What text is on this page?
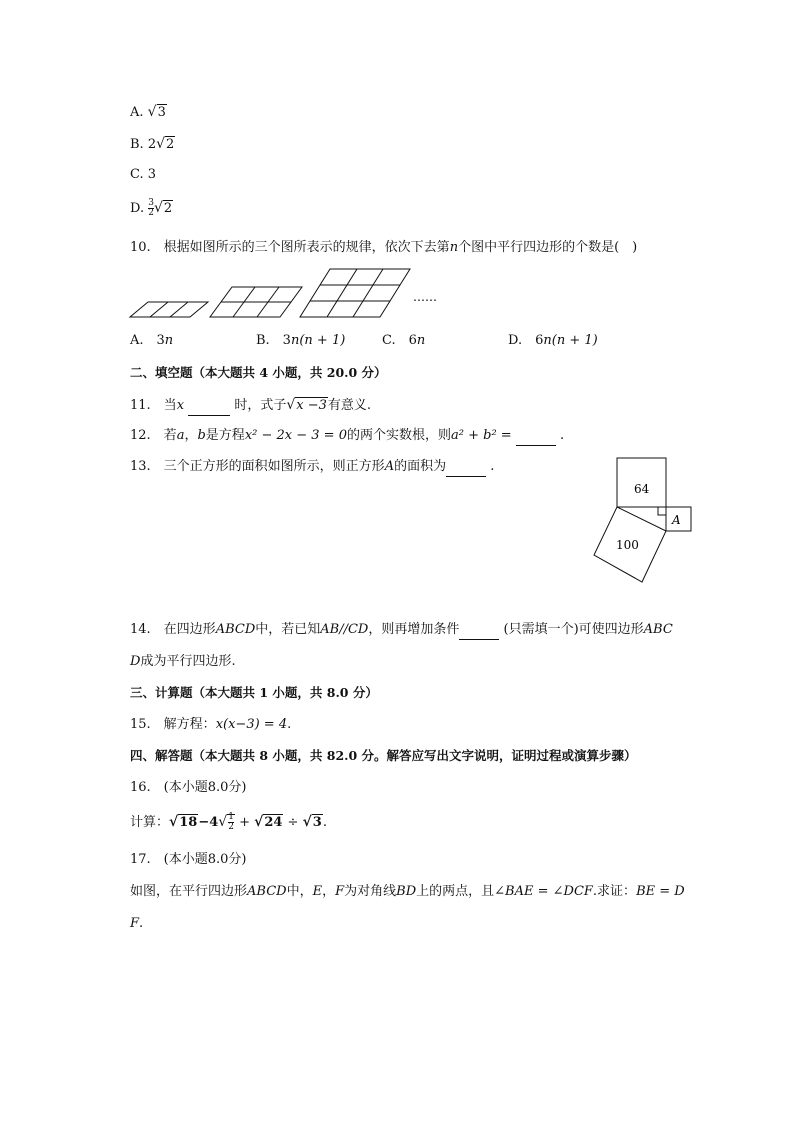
A. √3
B. 2√2
C. 3
D. $\frac{3}{2} √2$
10. 根据如图所示的三个图所表示的规律，依次下去第n个图中平行四边形的个数是( )
……
A. 3n	B. 3n(n + 1)	C. 6n	D. 6n(n + 1)
二、填空题（本大题共 4 小题，共 20.0 分）
11. 当x	时，式子√x −3有意义.
12. 若a，b是方程x² − 2x − 3 = 0的两个实数根，则a² + b² =	.
13. 三个正方形的面积如图所示，则正方形A的面积为	.
64
A
100
14. 在四边形ABCD中，若已知AB//CD，则再增加条件	(只需填一个)可使四边形ABC
D成为平行四边形.
三、计算题（本大题共 1 小题，共 8.0 分）
15. 解方程：x(x−3) = 4.
四、解答题（本大题共 8 小题，共 82.0 分。解答应写出文字说明，证明过程或演算步骤）
16. (本小题8.0分)
计算：$√18-4√ \frac{1}{2} + √24 \div √3$.
17. (本小题8.0分)
如图，在平行四边形ABCD中，E，F为对角线BD上的两点，且∠BAE = ∠DCF.求证：BE = D
F.
